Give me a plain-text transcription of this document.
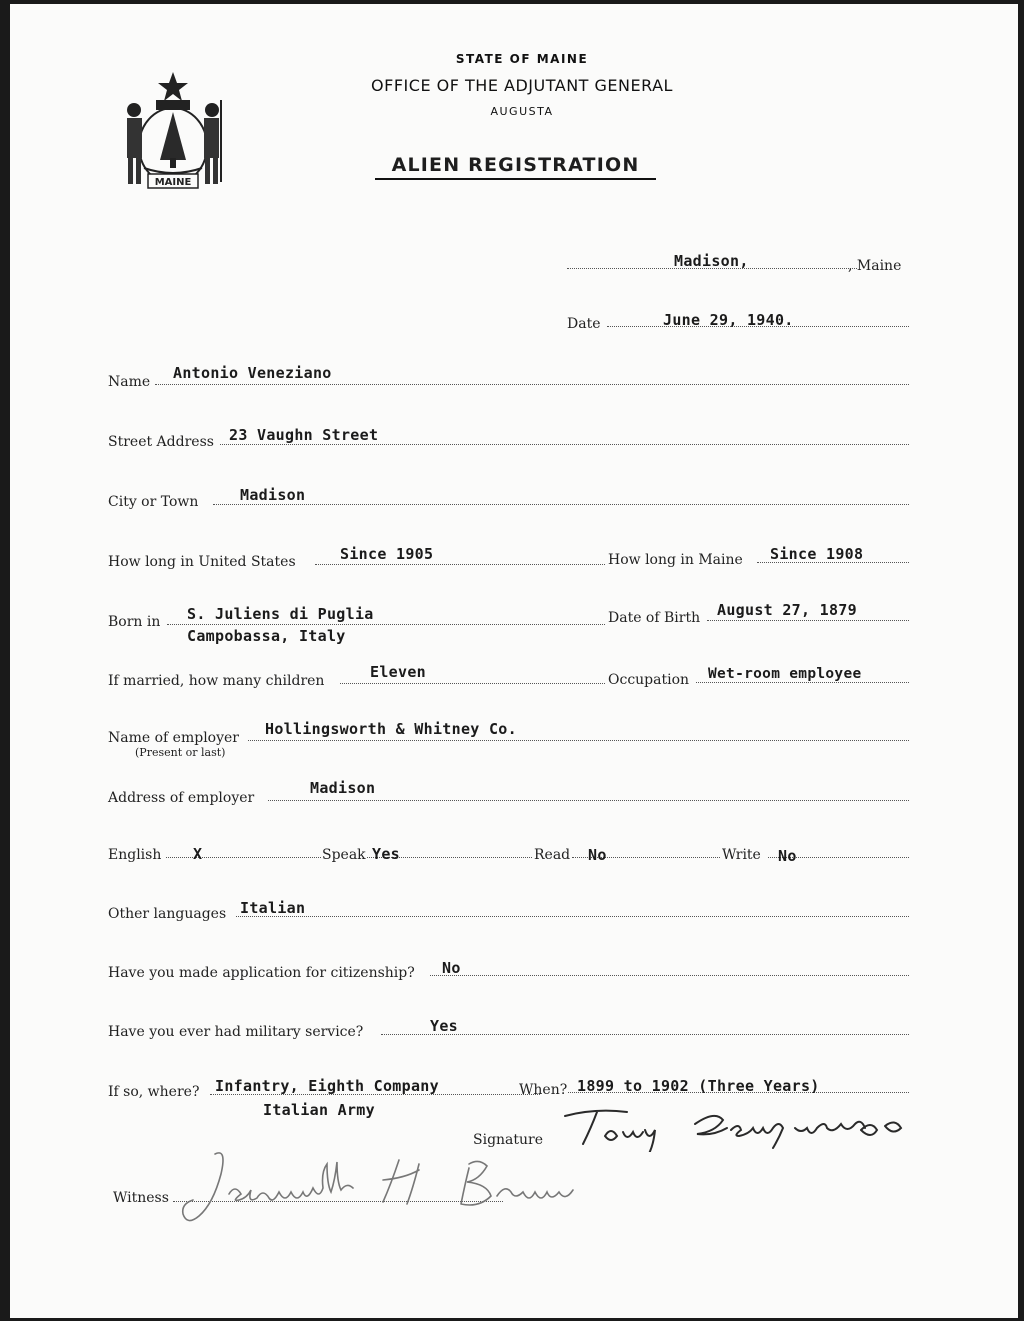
MAINE
STATE OF MAINE
OFFICE OF THE ADJUTANT GENERAL
AUGUSTA
ALIEN REGISTRATION
Madison,	, Maine
Date	June 29, 1940.
Name Antonio Veneziano
Street Address 23 Vaughn Street
City or Town	Madison
How long in United States	Since 1905	How long in Maine Since 1908
Born in S. Juliens di Puglia
Campobassa, Italy
Date of Birth August 27, 1879
If married, how many children	Eleven	Occupation Wet-room employee
Name of employer
(Present or last)
Hollingsworth & Whitney Co.
Address of employer
Madison
English X	Speak Yes	Read No	Write No
Other languages Italian
Have you made application for citizenship? No
Have you ever had military service?	Yes
If so, where? Infantry, Eighth Company
Italian Army
When? 1899 to 1902 (Three Years)
Signature
Witness
